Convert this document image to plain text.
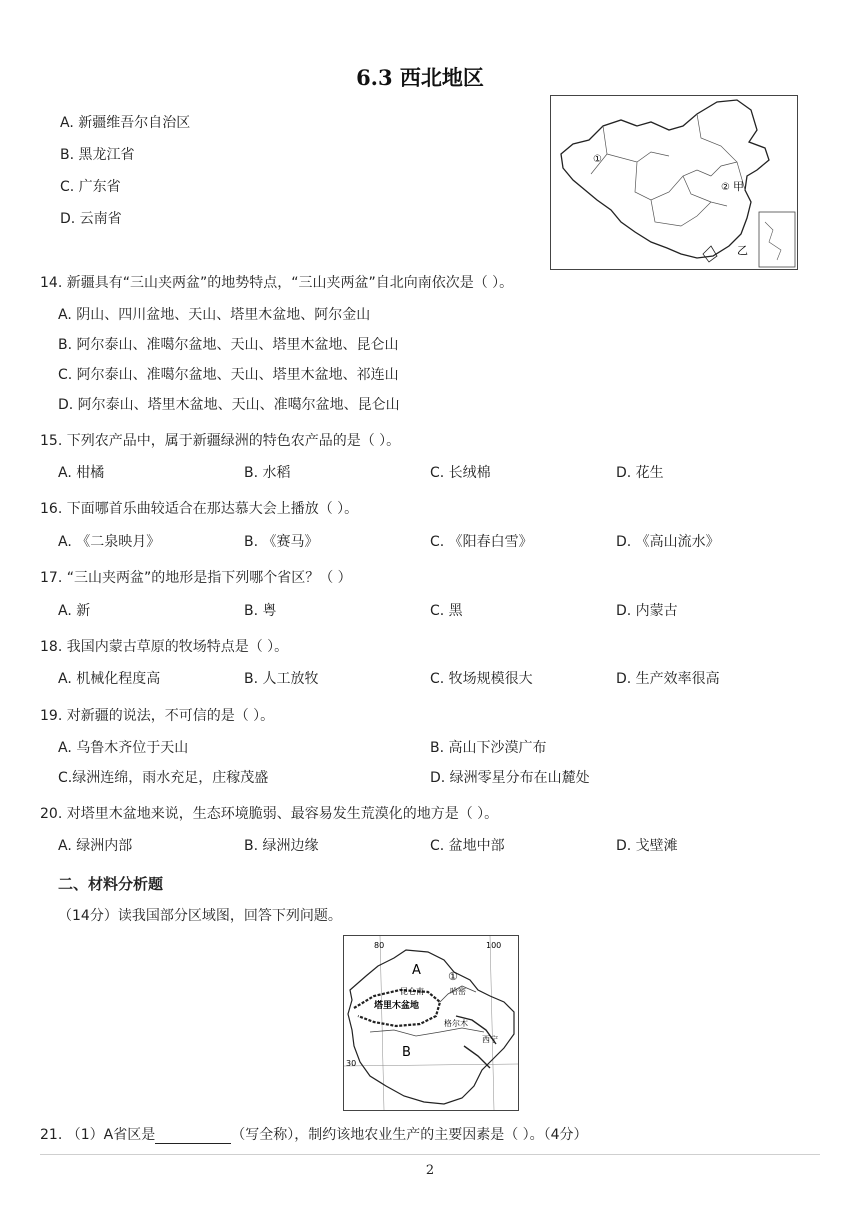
6.3 西北地区
A. 新疆维吾尔自治区
B. 黑龙江省
C. 广东省
D. 云南省
①
② 甲
乙
14. 新疆具有“三山夹两盆”的地势特点，“三山夹两盆”自北向南依次是（ ）。
A. 阴山、四川盆地、天山、塔里木盆地、阿尔金山
B. 阿尔泰山、准噶尔盆地、天山、塔里木盆地、昆仑山
C. 阿尔泰山、准噶尔盆地、天山、塔里木盆地、祁连山
D. 阿尔泰山、塔里木盆地、天山、准噶尔盆地、昆仑山
15. 下列农产品中，属于新疆绿洲的特色农产品的是（ ）。
A. 柑橘	B. 水稻	C. 长绒棉	D. 花生
16. 下面哪首乐曲较适合在那达慕大会上播放（ ）。
A. 《二泉映月》	B. 《赛马》	C. 《阳春白雪》	D. 《高山流水》
17. “三山夹两盆”的地形是指下列哪个省区？（ ）
A. 新	B. 粤	C. 黑	D. 内蒙古
18. 我国内蒙古草原的牧场特点是（ ）。
A. 机械化程度高	B. 人工放牧	C. 牧场规模很大	D. 生产效率很高
19. 对新疆的说法，不可信的是（ ）。
A. 乌鲁木齐位于天山	B. 高山下沙漠广布
C.绿洲连绵，雨水充足，庄稼茂盛	D. 绿洲零星分布在山麓处
20. 对塔里木盆地来说，生态环境脆弱、最容易发生荒漠化的地方是（ ）。
A. 绿洲内部	B. 绿洲边缘	C. 盆地中部	D. 戈壁滩
二、材料分析题
（14分）读我国部分区域图，回答下列问题。
80	100
30
A ①
昆仑南	哈密
塔里木盆地
格尔木
B
西宁
21. （1）A省区是	（写全称），制约该地农业生产的主要因素是（ ）。（4分）
2
